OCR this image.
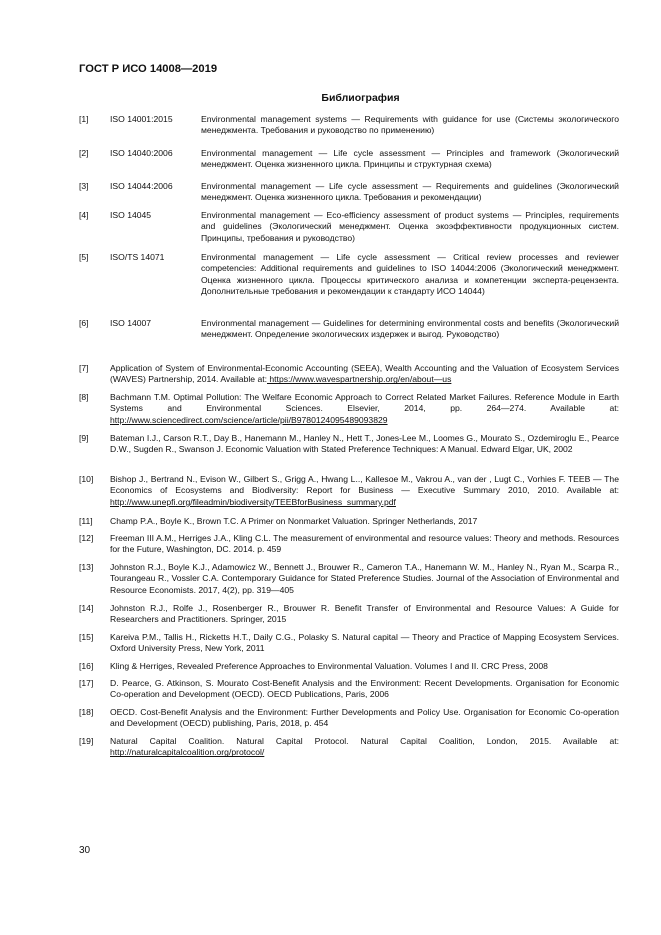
ГОСТ Р ИСО 14008—2019
Библиография
[1] ISO 14001:2015	Environmental management systems — Requirements with guidance for use (Системы экологического менеджмента. Требования и руководство по применению)
[2] ISO 14040:2006	Environmental management — Life cycle assessment — Principles and framework (Экологический менеджмент. Оценка жизненного цикла. Принципы и структурная схема)
[3] ISO 14044:2006	Environmental management — Life cycle assessment — Requirements and guidelines (Экологический менеджмент. Оценка жизненного цикла. Требования и рекомендации)
[4] ISO 14045	Environmental management — Eco-efficiency assessment of product systems — Principles, requirements and guidelines (Экологический менеджмент. Оценка экоэффективности продукционных систем. Принципы, требования и руководство)
[5] ISO/TS 14071	Environmental management — Life cycle assessment — Critical review processes and reviewer competencies: Additional requirements and guidelines to ISO 14044:2006 (Экологический менеджмент. Оценка жизненного цикла. Процессы критического анализа и компетенции эксперта-рецензента. Дополнительные требования и рекомендации к стандарту ИСО 14044)
[6] ISO 14007	Environmental management — Guidelines for determining environmental costs and benefits (Экологический менеджмент. Определение экологических издержек и выгод. Руководство)
[7] Application of System of Environmental-Economic Accounting (SEEA), Wealth Accounting and the Valuation of Ecosystem Services (WAVES) Partnership, 2014. Available at: https://www.wavespartnership.org/en/about—us
[8] Bachmann T.M. Optimal Pollution: The Welfare Economic Approach to Correct Related Market Failures. Reference Module in Earth Systems and Environmental Sciences. Elsevier, 2014, pp. 264—274. Available at: http://www.sciencedirect.com/science/article/pii/B9780124095489093829
[9] Bateman I.J., Carson R.T., Day B., Hanemann M., Hanley N., Hett T., Jones-Lee M., Loomes G., Mourato S., Ozdemiroglu E., Pearce D.W., Sugden R., Swanson J. Economic Valuation with Stated Preference Techniques: A Manual. Edward Elgar, UK, 2002
[10] Bishop J., Bertrand N., Evison W., Gilbert S., Grigg A., Hwang L.., Kallesoe M., Vakrou A., van der , Lugt C., Vorhies F. TEEB — The Economics of Ecosystems and Biodiversity: Report for Business — Executive Summary 2010, 2010. Available at: http://www.unepfi.org/fileadmin/biodiversity/TEEBforBusiness_summary.pdf
[11] Champ P.A., Boyle K., Brown T.C. A Primer on Nonmarket Valuation. Springer Netherlands, 2017
[12] Freeman III A.M., Herriges J.A., Kling C.L. The measurement of environmental and resource values: Theory and methods. Resources for the Future, Washington, DC. 2014. p. 459
[13] Johnston R.J., Boyle K.J., Adamowicz W., Bennett J., Brouwer R., Cameron T.A., Hanemann W. M., Hanley N., Ryan M., Scarpa R., Tourangeau R., Vossler C.A. Contemporary Guidance for Stated Preference Studies. Journal of the Association of Environmental and Resource Economists. 2017, 4(2), pp. 319—405
[14] Johnston R.J., Rolfe J., Rosenberger R., Brouwer R. Benefit Transfer of Environmental and Resource Values: A Guide for Researchers and Practitioners. Springer, 2015
[15] Kareiva P.M., Tallis H., Ricketts H.T., Daily C.G., Polasky S. Natural capital — Theory and Practice of Mapping Ecosystem Services. Oxford University Press, New York, 2011
[16] Kling & Herriges, Revealed Preference Approaches to Environmental Valuation. Volumes I and II. CRC Press, 2008
[17] D. Pearce, G. Atkinson, S. Mourato Cost-Benefit Analysis and the Environment: Recent Developments. Organisation for Economic Co-operation and Development (OECD). OECD Publications, Paris, 2006
[18] OECD. Cost-Benefit Analysis and the Environment: Further Developments and Policy Use. Organisation for Economic Co-operation and Development (OECD) publishing, Paris, 2018, p. 454
[19] Natural Capital Coalition. Natural Capital Protocol. Natural Capital Coalition, London, 2015. Available at: http://naturalcapitalcoalition.org/protocol/
30
